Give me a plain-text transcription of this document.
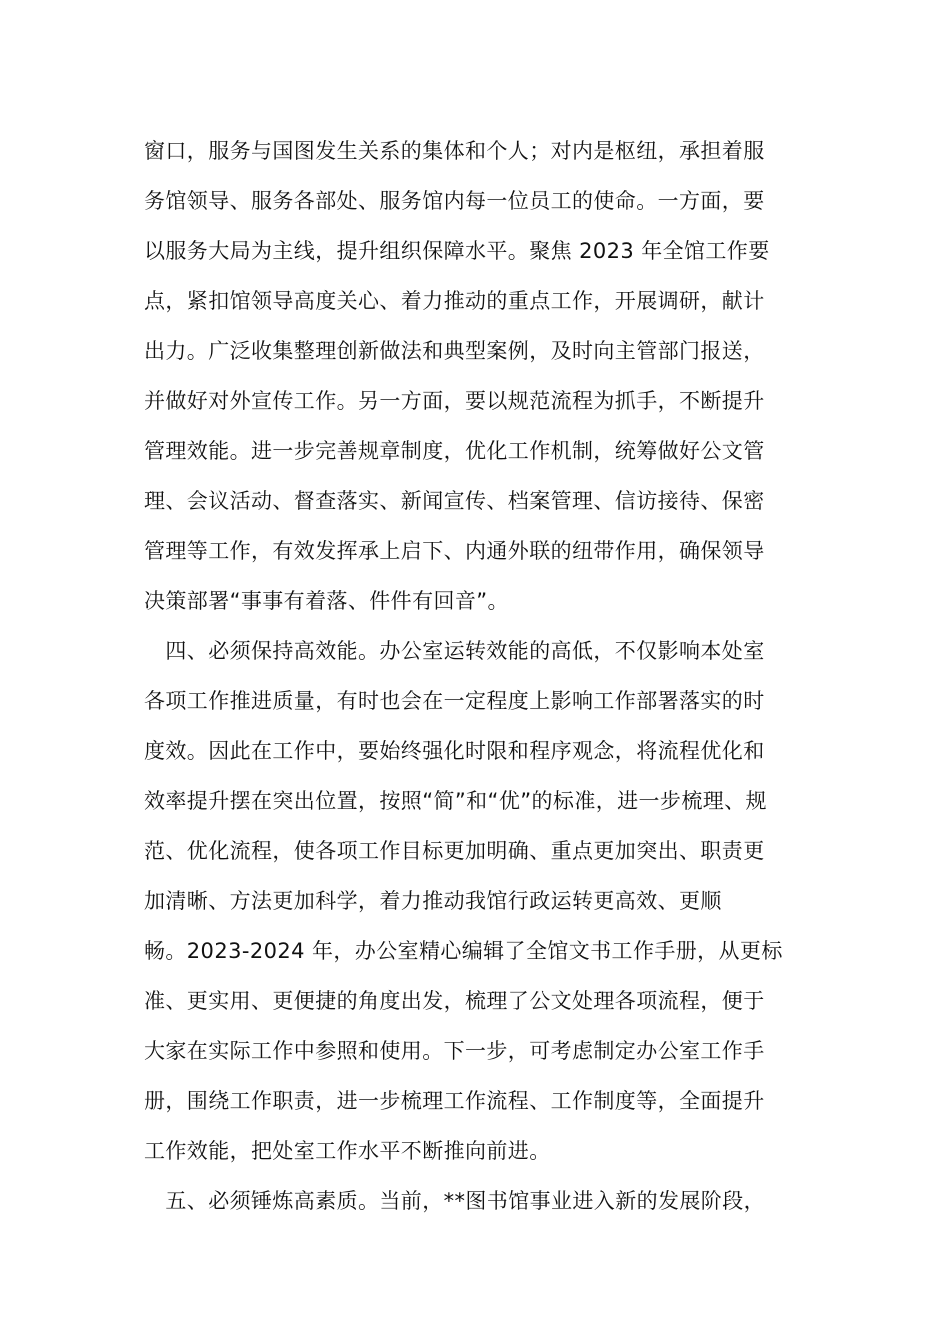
窗口，服务与国图发生关系的集体和个人；对内是枢纽，承担着服
务馆领导、服务各部处、服务馆内每一位员工的使命。一方面，要
以服务大局为主线，提升组织保障水平。聚焦 2023 年全馆工作要
点，紧扣馆领导高度关心、着力推动的重点工作，开展调研，献计
出力。广泛收集整理创新做法和典型案例，及时向主管部门报送，
并做好对外宣传工作。另一方面，要以规范流程为抓手，不断提升
管理效能。进一步完善规章制度，优化工作机制，统筹做好公文管
理、会议活动、督查落实、新闻宣传、档案管理、信访接待、保密
管理等工作，有效发挥承上启下、内通外联的纽带作用，确保领导
决策部署“事事有着落、件件有回音”。
　四、必须保持高效能。办公室运转效能的高低，不仅影响本处室
各项工作推进质量，有时也会在一定程度上影响工作部署落实的时
度效。因此在工作中，要始终强化时限和程序观念，将流程优化和
效率提升摆在突出位置，按照“简”和“优”的标准，进一步梳理、规
范、优化流程，使各项工作目标更加明确、重点更加突出、职责更
加清晰、方法更加科学，着力推动我馆行政运转更高效、更顺
畅。2023-2024 年，办公室精心编辑了全馆文书工作手册，从更标
准、更实用、更便捷的角度出发，梳理了公文处理各项流程，便于
大家在实际工作中参照和使用。下一步，可考虑制定办公室工作手
册，围绕工作职责，进一步梳理工作流程、工作制度等，全面提升
工作效能，把处室工作水平不断推向前进。
　五、必须锤炼高素质。当前，**图书馆事业进入新的发展阶段，
